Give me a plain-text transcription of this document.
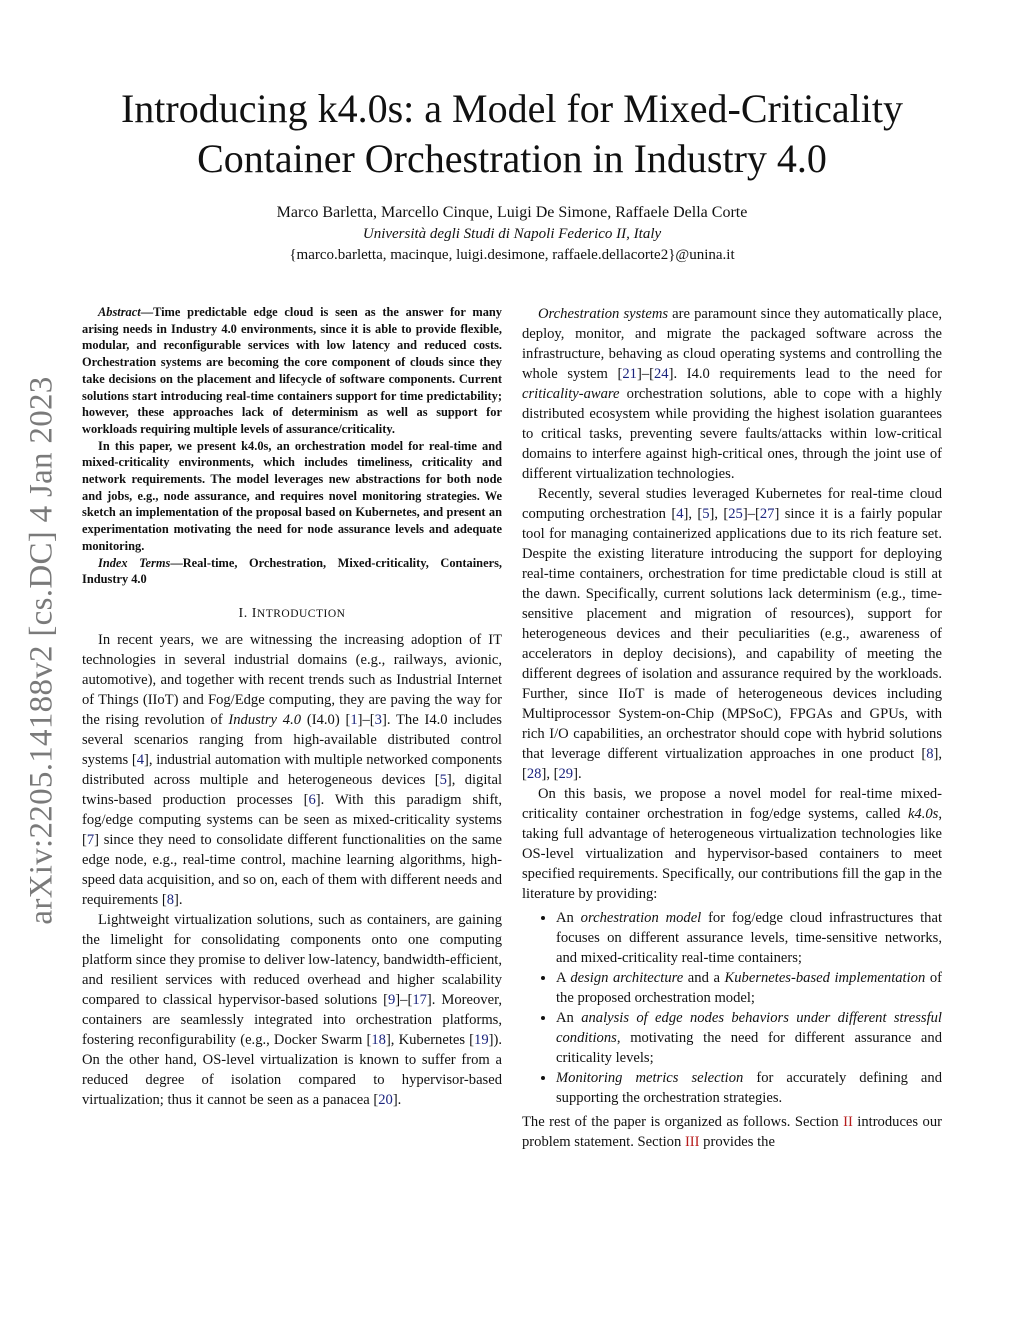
arXiv:2205.14188v2 [cs.DC] 4 Jan 2023
Introducing k4.0s: a Model for Mixed-Criticality
Container Orchestration in Industry 4.0
Marco Barletta, Marcello Cinque, Luigi De Simone, Raffaele Della Corte
Università degli Studi di Napoli Federico II, Italy
{marco.barletta, macinque, luigi.desimone, raffaele.dellacorte2}@unina.it

Abstract—Time predictable edge cloud is seen as the answer for many arising needs in Industry 4.0 environments, since it is able to provide flexible, modular, and reconfigurable services with low latency and reduced costs. Orchestration systems are becoming the core component of clouds since they take decisions on the placement and lifecycle of software components. Current solutions start introducing real-time containers support for time predictability; however, these approaches lack of determinism as well as support for workloads requiring multiple levels of assurance/criticality.

In this paper, we present k4.0s, an orchestration model for real-time and mixed-criticality environments, which includes timeliness, criticality and network requirements. The model leverages new abstractions for both node and jobs, e.g., node assurance, and requires novel monitoring strategies. We sketch an implementation of the proposal based on Kubernetes, and present an experimentation motivating the need for node assurance levels and adequate monitoring.

Index Terms—Real-time, Orchestration, Mixed-criticality, Containers, Industry 4.0

I. INTRODUCTION

In recent years, we are witnessing the increasing adoption of IT technologies in several industrial domains (e.g., railways, avionic, automotive), and together with recent trends such as Industrial Internet of Things (IIoT) and Fog/Edge computing, they are paving the way for the rising revolution of Industry 4.0 (I4.0) [1]–[3]. The I4.0 includes several scenarios ranging from high-available distributed control systems [4], industrial automation with multiple networked components distributed across multiple and heterogeneous devices [5], digital twins-based production processes [6]. With this paradigm shift, fog/edge computing systems can be seen as mixed-criticality systems [7] since they need to consolidate different functionalities on the same edge node, e.g., real-time control, machine learning algorithms, high-speed data acquisition, and so on, each of them with different needs and requirements [8].

Lightweight virtualization solutions, such as containers, are gaining the limelight for consolidating components onto one computing platform since they promise to deliver low-latency, bandwidth-efficient, and resilient services with reduced overhead and higher scalability compared to classical hypervisor-based solutions [9]–[17]. Moreover, containers are seamlessly integrated into orchestration platforms, fostering reconfigurability (e.g., Docker Swarm [18], Kubernetes [19]). On the other hand, OS-level virtualization is known to suffer from a reduced degree of isolation compared to hypervisor-based virtualization; thus it cannot be seen as a panacea [20].

Orchestration systems are paramount since they automatically place, deploy, monitor, and migrate the packaged software across the infrastructure, behaving as cloud operating systems and controlling the whole system [21]–[24]. I4.0 requirements lead to the need for criticality-aware orchestration solutions, able to cope with a highly distributed ecosystem while providing the highest isolation guarantees to critical tasks, preventing severe faults/attacks within low-critical domains to interfere against high-critical ones, through the joint use of different virtualization technologies.

Recently, several studies leveraged Kubernetes for real-time cloud computing orchestration [4], [5], [25]–[27] since it is a fairly popular tool for managing containerized applications due to its rich feature set. Despite the existing literature introducing the support for deploying real-time containers, orchestration for time predictable cloud is still at the dawn. Specifically, current solutions lack determinism (e.g., time-sensitive placement and migration of resources), support for heterogeneous devices and their peculiarities (e.g., awareness of accelerators in deploy decisions), and capability of meeting the different degrees of isolation and assurance required by the workloads. Further, since IIoT is made of heterogeneous devices including Multiprocessor System-on-Chip (MPSoC), FPGAs and GPUs, with rich I/O capabilities, an orchestrator should cope with hybrid solutions that leverage different virtualization approaches in one product [8], [28], [29].

On this basis, we propose a novel model for real-time mixed-criticality container orchestration in fog/edge systems, called k4.0s, taking full advantage of heterogeneous virtualization technologies like OS-level virtualization and hypervisor-based containers to meet specified requirements. Specifically, our contributions fill the gap in the literature by providing:

• An orchestration model for fog/edge cloud infrastructures that focuses on different assurance levels, time-sensitive networks, and mixed-criticality real-time containers;
• A design architecture and a Kubernetes-based implementation of the proposed orchestration model;
• An analysis of edge nodes behaviors under different stressful conditions, motivating the need for different assurance and criticality levels;
• Monitoring metrics selection for accurately defining and supporting the orchestration strategies.

The rest of the paper is organized as follows. Section II introduces our problem statement. Section III provides the
